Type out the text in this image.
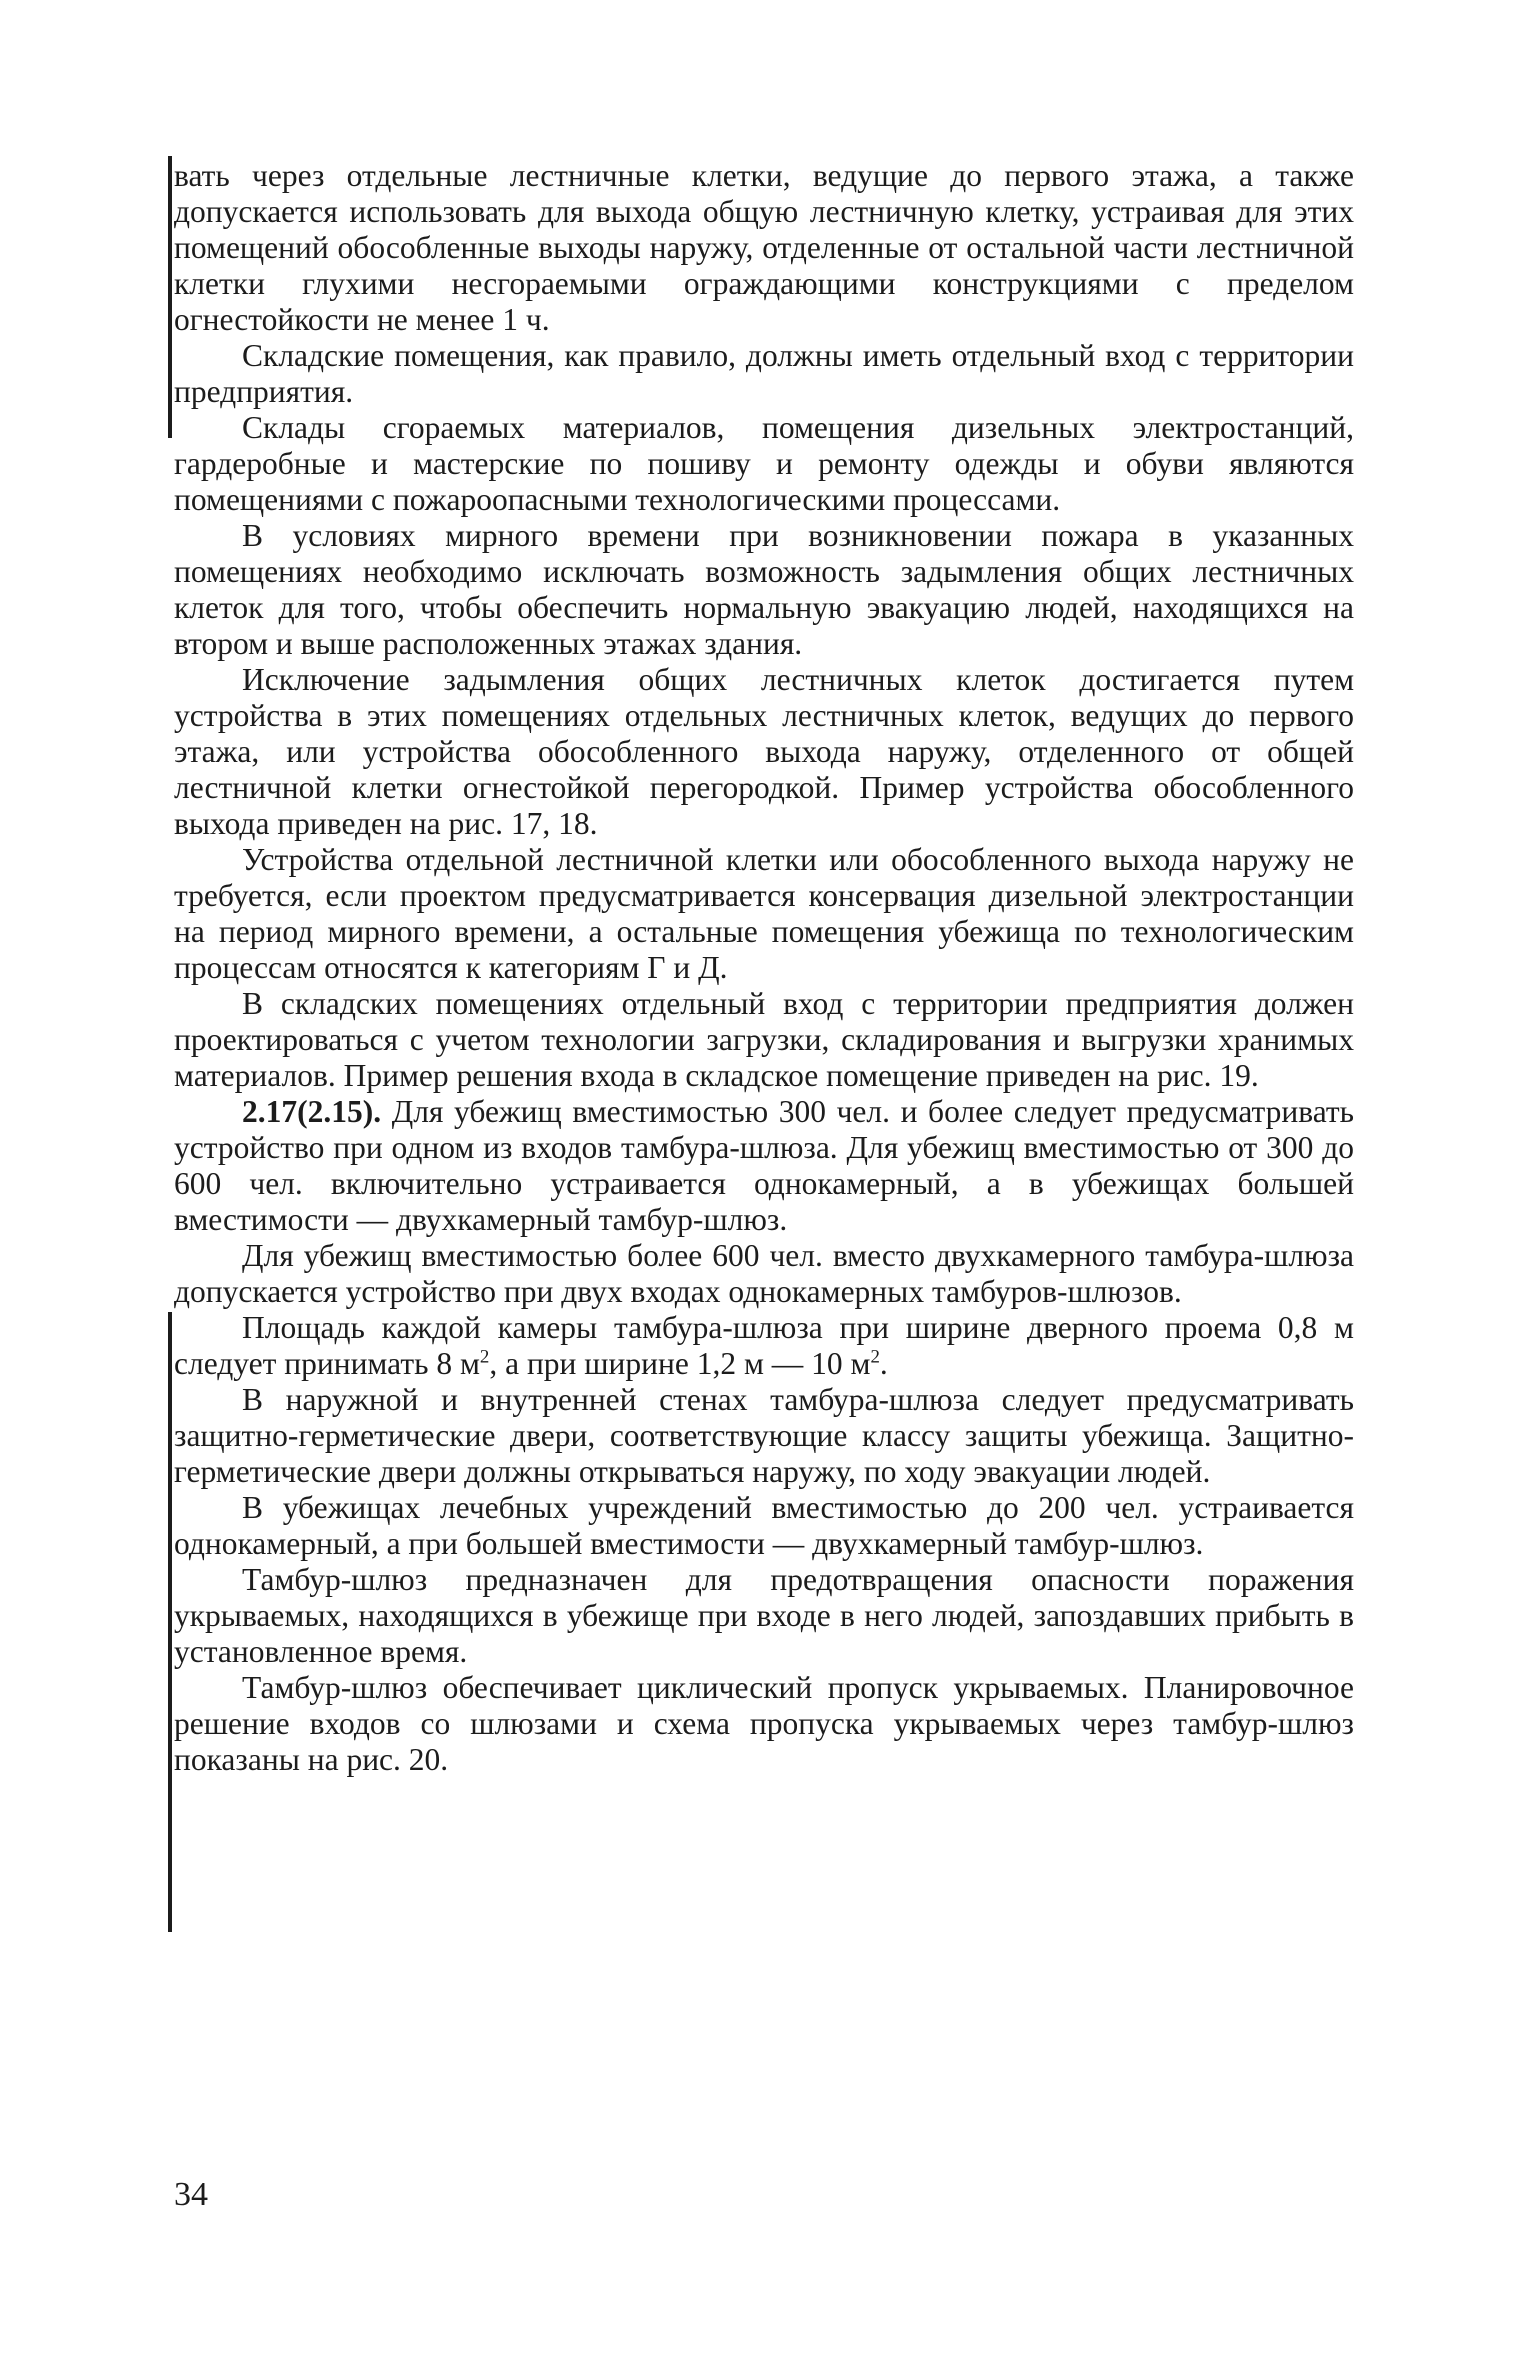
вать через отдельные лестничные клетки, ведущие до первого этажа, а также допускается использовать для выхода общую лестничную клетку, устраивая для этих помещений обособленные выходы наружу, отделенные от остальной части лестничной клетки глухими несгораемыми ограждающими конструкциями с пределом огнестойкости не менее 1 ч.

Складские помещения, как правило, должны иметь отдельный вход с территории предприятия.

Склады сгораемых материалов, помещения дизельных электростанций, гардеробные и мастерские по пошиву и ремонту одежды и обуви являются помещениями с пожароопасными технологическими процессами.

В условиях мирного времени при возникновении пожара в указанных помещениях необходимо исключать возможность задымления общих лестничных клеток для того, чтобы обеспечить нормальную эвакуацию людей, находящихся на втором и выше расположенных этажах здания.

Исключение задымления общих лестничных клеток достигается путем устройства в этих помещениях отдельных лестничных клеток, ведущих до первого этажа, или устройства обособленного выхода наружу, отделенного от общей лестничной клетки огнестойкой перегородкой. Пример устройства обособленного выхода приведен на рис. 17, 18.

Устройства отдельной лестничной клетки или обособленного выхода наружу не требуется, если проектом предусматривается консервация дизельной электростанции на период мирного времени, а остальные помещения убежища по технологическим процессам относятся к категориям Г и Д.

В складских помещениях отдельный вход с территории предприятия должен проектироваться с учетом технологии загрузки, складирования и выгрузки хранимых материалов. Пример решения входа в складское помещение приведен на рис. 19.

2.17(2.15). Для убежищ вместимостью 300 чел. и более следует предусматривать устройство при одном из входов тамбура-шлюза. Для убежищ вместимостью от 300 до 600 чел. включительно устраивается однокамерный, а в убежищах большей вместимости — двухкамерный тамбур-шлюз.

Для убежищ вместимостью более 600 чел. вместо двухкамерного тамбура-шлюза допускается устройство при двух входах однокамерных тамбуров-шлюзов.

Площадь каждой камеры тамбура-шлюза при ширине дверного проема 0,8 м следует принимать 8 $м^2$, а при ширине 1,2 м — 10 $м^2$.

В наружной и внутренней стенах тамбура-шлюза следует предусматривать защитно-герметические двери, соответствующие классу защиты убежища. Защитно-герметические двери должны открываться наружу, по ходу эвакуации людей.

В убежищах лечебных учреждений вместимостью до 200 чел. устраивается однокамерный, а при большей вместимости — двухкамерный тамбур-шлюз.

Тамбур-шлюз предназначен для предотвращения опасности поражения укрываемых, находящихся в убежище при входе в него людей, запоздавших прибыть в установленное время.

Тамбур-шлюз обеспечивает циклический пропуск укрываемых. Планировочное решение входов со шлюзами и схема пропуска укрываемых через тамбур-шлюз показаны на рис. 20.

34
